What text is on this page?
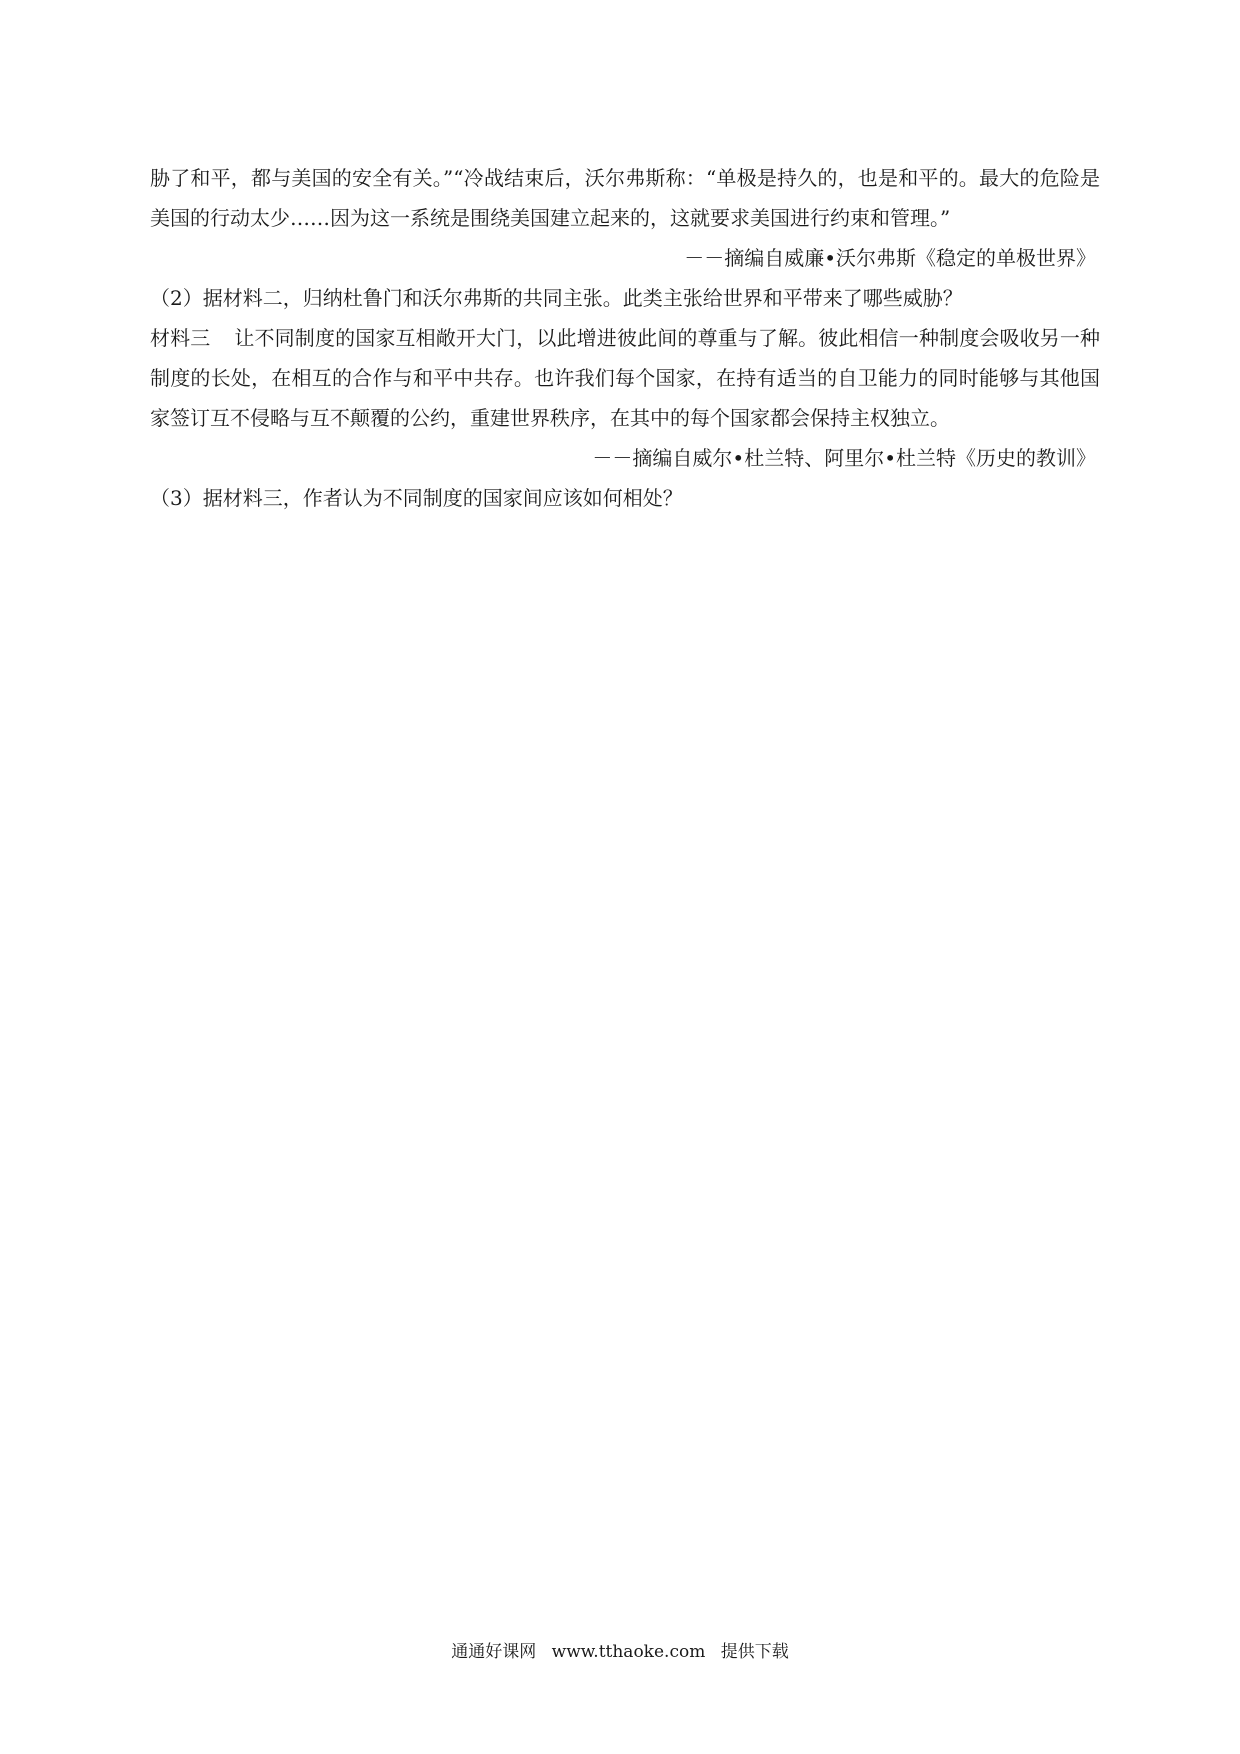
胁了和平，都与美国的安全有关。”“冷战结束后，沃尔弗斯称：“单极是持久的，也是和平的。最大的危险是美国的行动太少……因为这一系统是围绕美国建立起来的，这就要求美国进行约束和管理。”

－－摘编自威廉•沃尔弗斯《稳定的单极世界》

（2）据材料二，归纳杜鲁门和沃尔弗斯的共同主张。此类主张给世界和平带来了哪些威胁？

材料三 让不同制度的国家互相敞开大门，以此增进彼此间的尊重与了解。彼此相信一种制度会吸收另一种制度的长处，在相互的合作与和平中共存。也许我们每个国家，在持有适当的自卫能力的同时能够与其他国家签订互不侵略与互不颠覆的公约，重建世界秩序，在其中的每个国家都会保持主权独立。

－－摘编自威尔•杜兰特、阿里尔•杜兰特《历史的教训》

（3）据材料三，作者认为不同制度的国家间应该如何相处？

通通好课网 www.tthaoke.com 提供下载
